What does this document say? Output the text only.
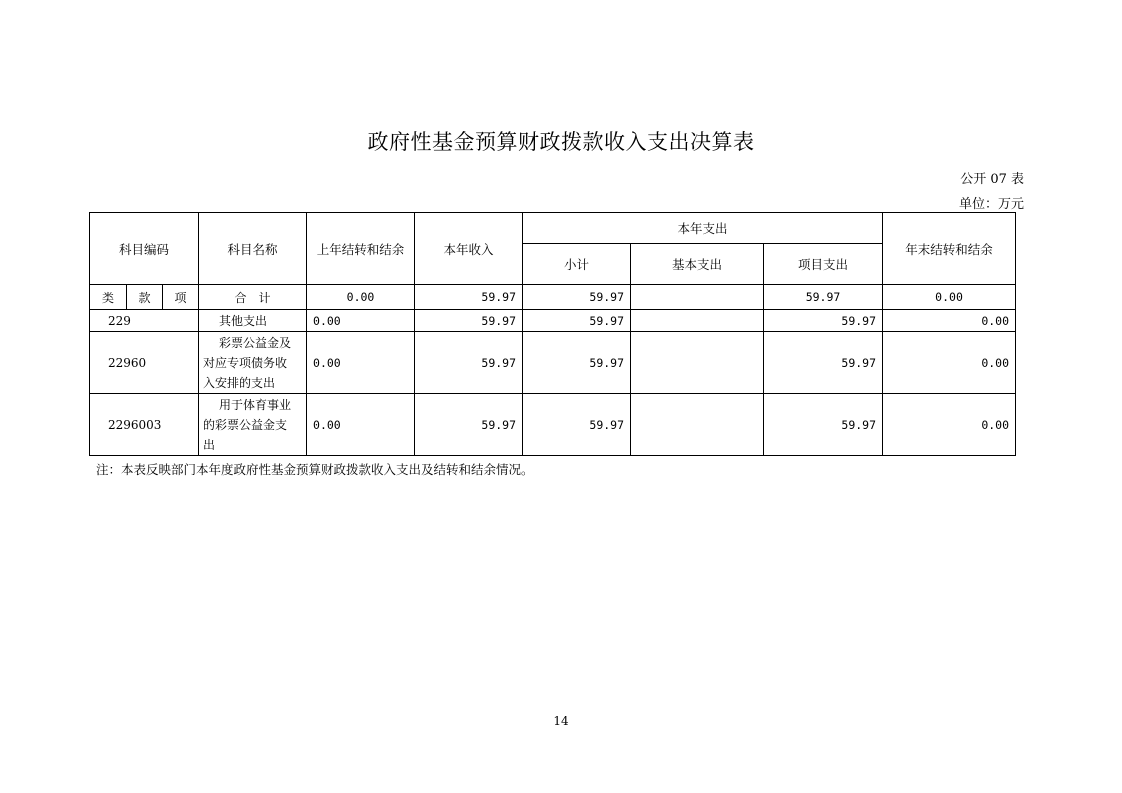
政府性基金预算财政拨款收入支出决算表
公开 07 表
单位：万元
科目编码			科目名称	上年结转和结余	本年收入	本年支出			年末结转和结余
						小计	基本支出	项目支出	
类	款	项	合　计	0.00	59.97	59.97		59.97	0.00
229			其他支出	0.00	59.97	59.97		59.97	0.00
22960			彩票公益金及
对应专项债务收
入安排的支出	0.00	59.97	59.97		59.97	0.00
2296003			用于体育事业
的彩票公益金支
出	0.00	59.97	59.97		59.97	0.00
注：本表反映部门本年度政府性基金预算财政拨款收入支出及结转和结余情况。
14
